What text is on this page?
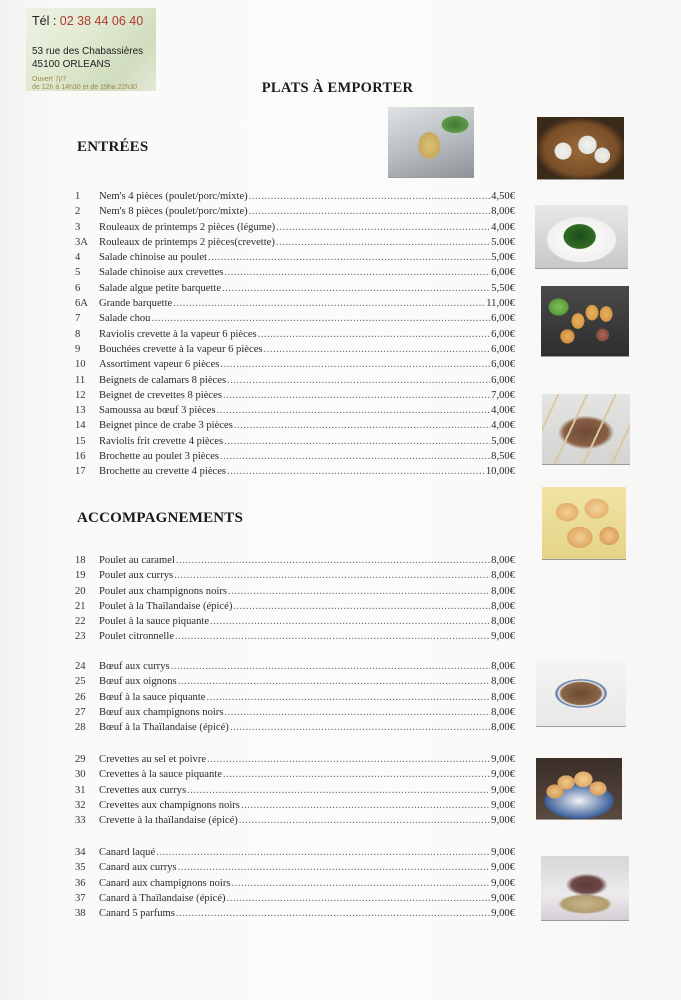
Tél : 02 38 44 06 40
53 rue des Chabassières
45100 ORLEANS
Ouvert 7j/7
de 12h à 14h30 et de 19ha 22h30	PLATS À EMPORTER
ENTRÉES
1	Nem's 4 pièces (poulet/porc/mixte) .....	4,50€
2	Nem's 8 pièces (poulet/porc/mixte) .....	8,00€
3	Rouleaux de printemps 2 pièces (légume) .....	4,00€
3A	Rouleaux de printemps 2 pièces(crevette) .....	5.00€
4	Salade chinoise au poulet .....	5,00€
5	Salade chinoise aux crevettes .....	6,00€
6	Salade algue petite barquette .....	5,50€
6A	Grande barquette .....	11,00€
7	Salade chou .....	6,00€
8	Raviolis crevette à la vapeur 6 pièces .....	6,00€
9	Bouchées crevette à la vapeur 6 pièces .....	6,00€
10	Assortiment vapeur 6 pièces .....	6,00€
11	Beignets de calamars 8 pièces .....	6,00€
12	Beignet de crevettes 8 pièces .....	7,00€
13	Samoussa au bœuf 3 pièces .....	4,00€
14	Beignet pince de crabe 3 pièces .....	4,00€
15	Raviolis frit crevette 4 pièces .....	5,00€
16	Brochette au poulet 3 pièces .....	8,50€
17	Brochette au crevette 4 pièces .....	10,00€
ACCOMPAGNEMENTS
18	Poulet au caramel .....	8,00€
19	Poulet aux currys .....	8,00€
20	Poulet aux champignons noirs .....	8,00€
21	Poulet à la Thaïlandaise (épicé) .....	8,00€
22	Poulet à la sauce piquante .....	8,00€
23	Poulet citronnelle .....	9,00€
24	Bœuf aux currys .....	8,00€
25	Bœuf aux oignons .....	8,00€
26	Bœuf à la sauce piquante .....	8,00€
27	Bœuf aux champignons noirs .....	8,00€
28	Bœuf à la Thaïlandaise (épicé) .....	8,00€
29	Crevettes au sel et poivre .....	9,00€
30	Crevettes à la sauce piquante .....	9,00€
31	Crevettes aux currys .....	9,00€
32	Crevettes aux champignons noirs .....	9,00€
33	Crevette à la thaïlandaise (épicé) .....	9,00€
34	Canard laqué .....	9,00€
35	Canard aux currys .....	9,00€
36	Canard aux champignons noirs .....	9,00€
37	Canard à Thaïlandaise (épicé) .....	9,00€
38	Canard 5 parfums .....	9,00€
